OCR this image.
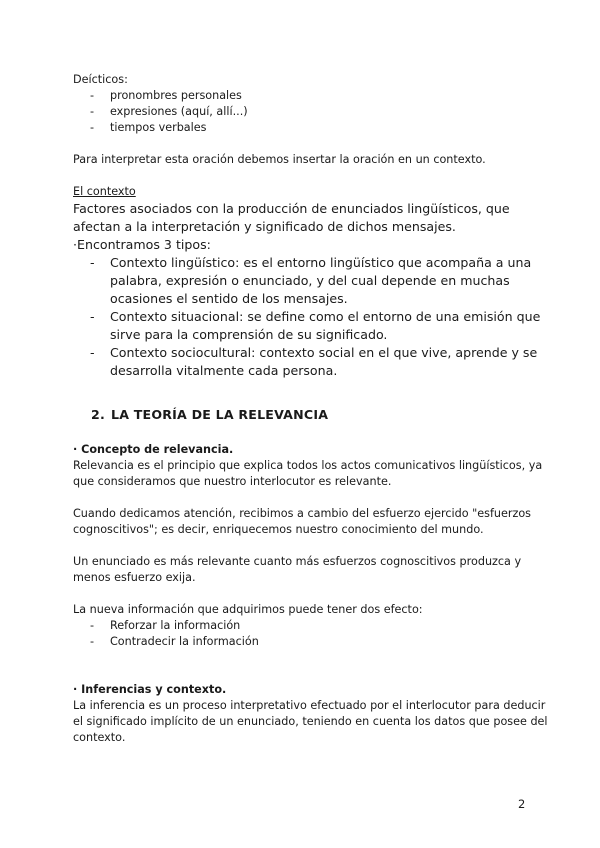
Deícticos:
- pronombres personales
- expresiones (aquí, allí...)
- tiempos verbales
Para interpretar esta oración debemos insertar la oración en un contexto.
El contexto
Factores asociados con la producción de enunciados lingüísticos, que
afectan a la interpretación y significado de dichos mensajes.
·Encontramos 3 tipos:
- Contexto lingüístico: es el entorno lingüístico que acompaña a una
palabra, expresión o enunciado, y del cual depende en muchas
ocasiones el sentido de los mensajes.
- Contexto situacional: se define como el entorno de una emisión que
sirve para la comprensión de su significado.
- Contexto sociocultural: contexto social en el que vive, aprende y se
desarrolla vitalmente cada persona.
2. LA TEORÍA DE LA RELEVANCIA
· Concepto de relevancia.
Relevancia es el principio que explica todos los actos comunicativos lingüísticos, ya
que consideramos que nuestro interlocutor es relevante.
Cuando dedicamos atención, recibimos a cambio del esfuerzo ejercido "esfuerzos
cognoscitivos"; es decir, enriquecemos nuestro conocimiento del mundo.
Un enunciado es más relevante cuanto más esfuerzos cognoscitivos produzca y
menos esfuerzo exija.
La nueva información que adquirimos puede tener dos efecto:
- Reforzar la información
- Contradecir la información
· Inferencias y contexto.
La inferencia es un proceso interpretativo efectuado por el interlocutor para deducir
el significado implícito de un enunciado, teniendo en cuenta los datos que posee del
contexto.
2
